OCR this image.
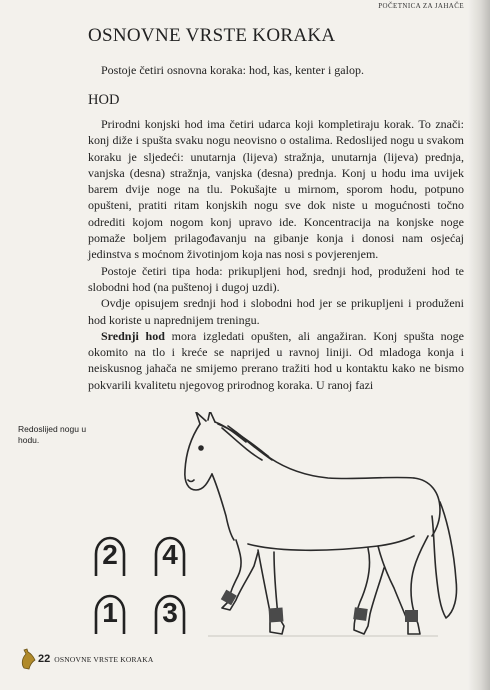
POČETNICA ZA JAHAČE
OSNOVNE VRSTE KORAKA

Postoje četiri osnovna koraka: hod, kas, kenter i galop.

HOD

Prirodni konjski hod ima četiri udarca koji kompletiraju korak. To znači: konj diže i spušta svaku nogu neovisno o ostalima. Redoslijed nogu u svakom koraku je sljedeći: unutarnja (lijeva) stražnja, unutarnja (lijeva) prednja, vanjska (desna) stražnja, vanjska (desna) prednja. Konj u hodu ima uvijek barem dvije noge na tlu. Pokušajte u mirnom, sporom hodu, potpuno opušteni, pratiti ritam konjskih nogu sve dok niste u mogućnosti točno odrediti kojom nogom konj upravo ide. Koncentracija na konjske noge pomaže boljem prilagođavanju na gibanje konja i donosi nam osjećaj jedinstva s moćnom životinjom koja nas nosi s povjerenjem.

Postoje četiri tipa hoda: prikupljeni hod, srednji hod, produženi hod te slobodni hod (na puštenoj i dugoj uzdi).

Ovdje opisujem srednji hod i slobodni hod jer se prikupljeni i produženi hod koriste u naprednijem treningu.

Srednji hod mora izgledati opušten, ali angažiran. Konj spušta noge okomito na tlo i kreće se naprijed u ravnoj liniji. Od mladoga konja i neiskusnog jahača ne smijemo prerano tražiti hod u kontaktu kako ne bismo pokvarili kvalitetu njegovog prirodnog koraka. U ranoj fazi

Redoslijed nogu u hodu.
2	4
1	3
22 OSNOVNE VRSTE KORAKA
